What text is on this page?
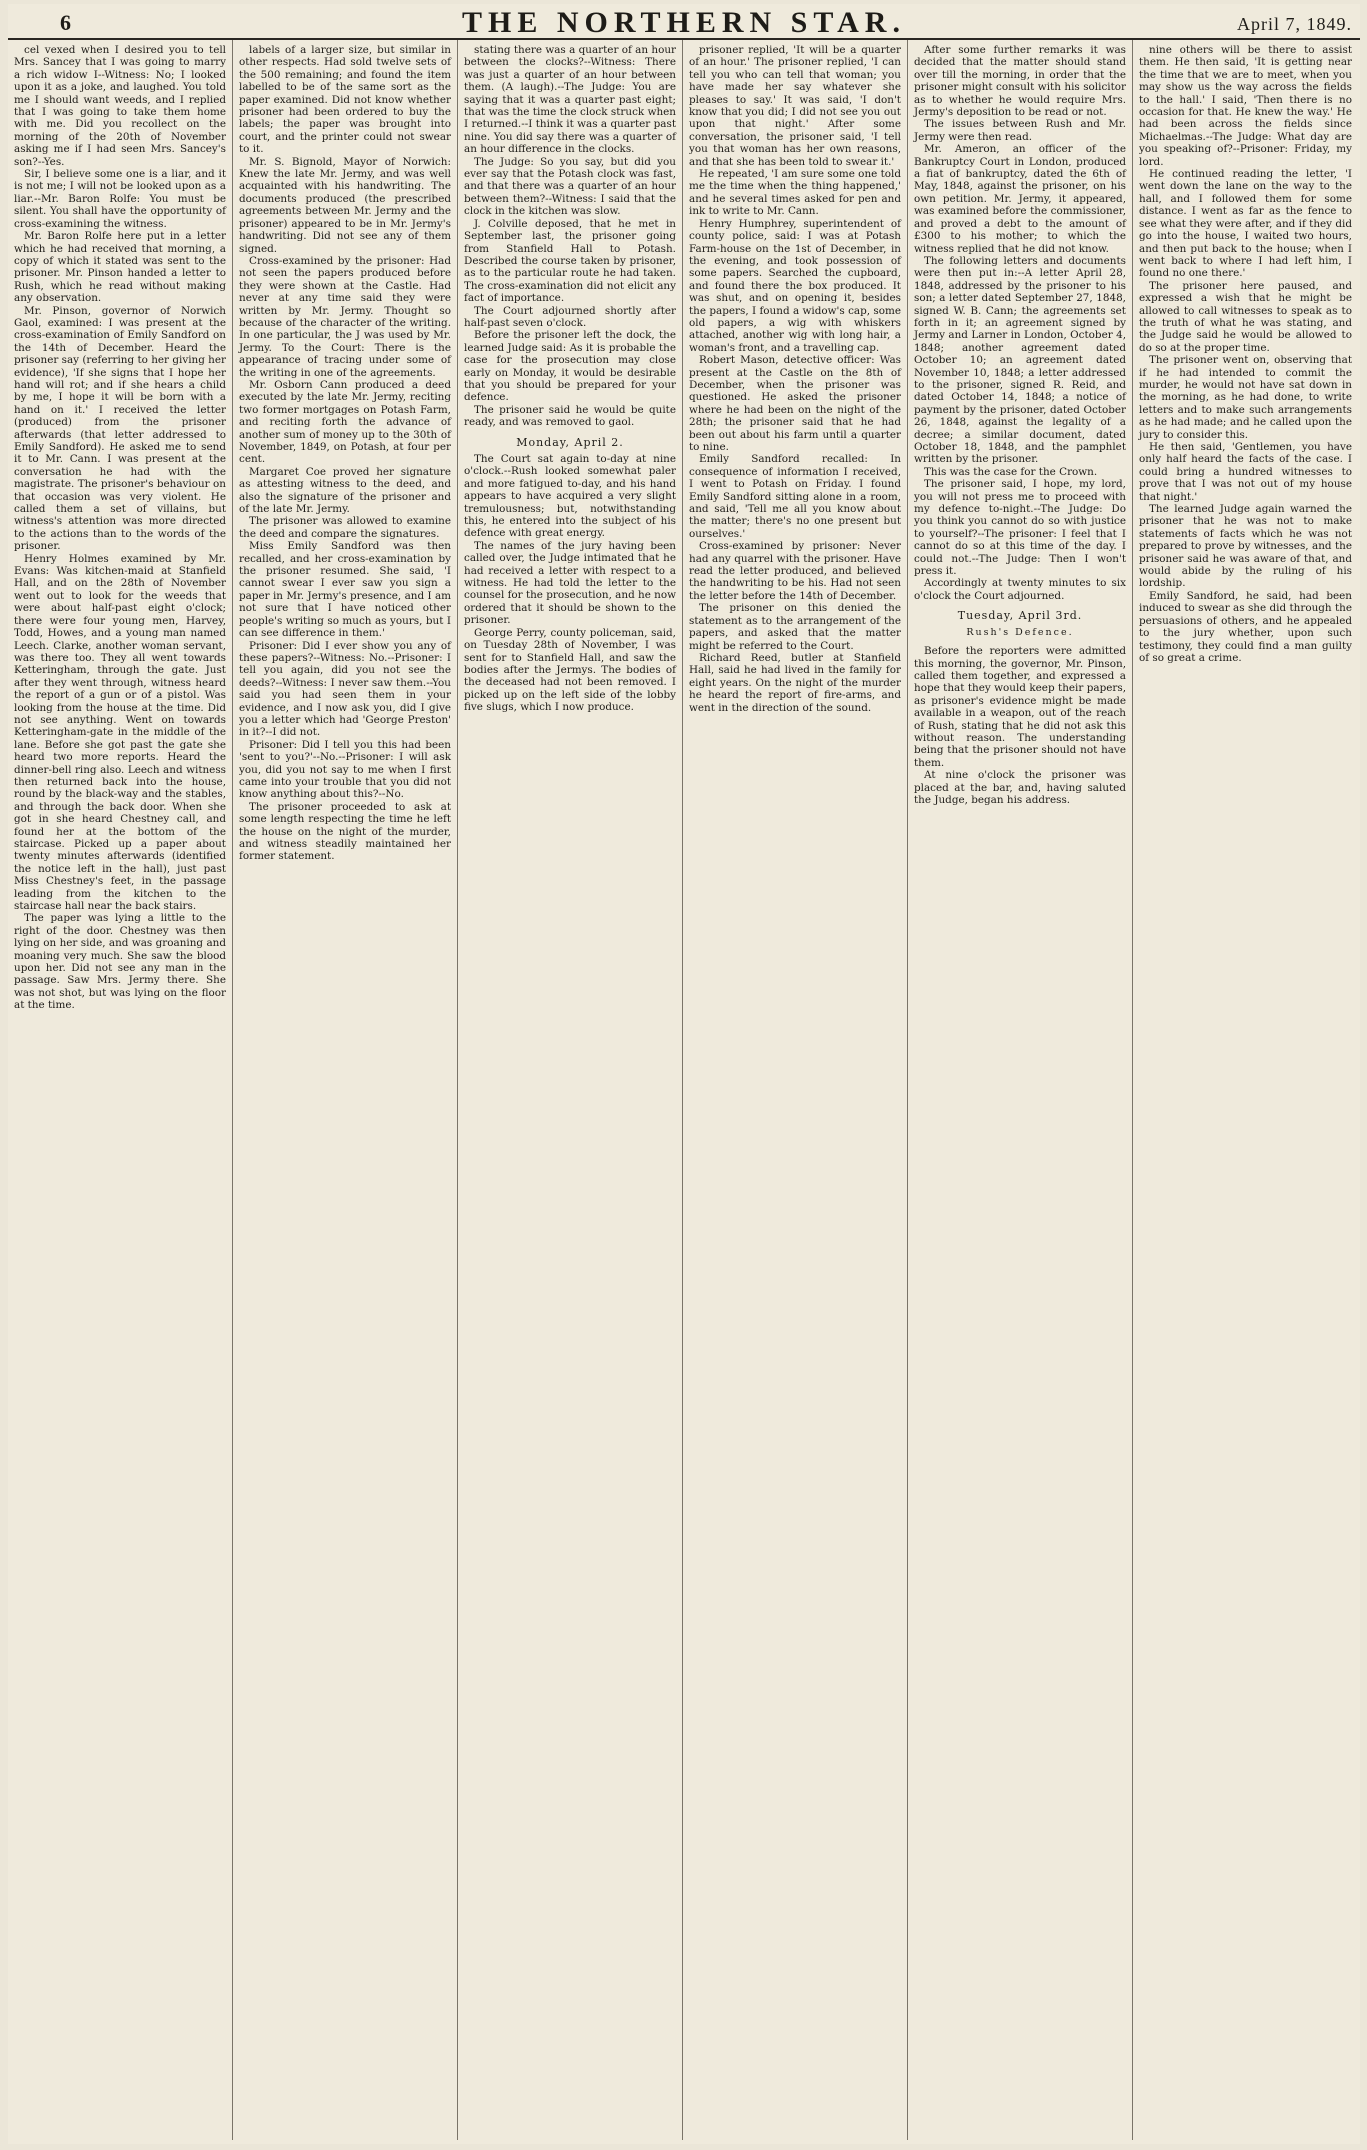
6	THE NORTHERN STAR.	April 7, 1849.

cel vexed when I desired you to tell Mrs. Sancey that I was going to marry a rich widow I--Witness: No; I looked upon it as a joke, and laughed. You told me I should want weeds, and I replied that I was going to take them home with me. Did you recollect on the morning of the 20th of November asking me if I had seen Mrs. Sancey's son?--Yes.

Sir, I believe some one is a liar, and it is not me; I will not be looked upon as a liar.--Mr. Baron Rolfe: You must be silent. You shall have the opportunity of cross-examining the witness.

Mr. Baron Rolfe here put in a letter which he had received that morning, a copy of which it stated was sent to the prisoner. Mr. Pinson handed a letter to Rush, which he read without making any observation.

Mr. Pinson, governor of Norwich Gaol, examined: I was present at the cross-examination of Emily Sandford on the 14th of December. Heard the prisoner say (referring to her giving her evidence), 'If she signs that I hope her hand will rot; and if she hears a child by me, I hope it will be born with a hand on it.' I received the letter (produced) from the prisoner afterwards (that letter addressed to Emily Sandford). He asked me to send it to Mr. Cann. I was present at the conversation he had with the magistrate. The prisoner's behaviour on that occasion was very violent. He called them a set of villains, but witness's attention was more directed to the actions than to the words of the prisoner.

Henry Holmes examined by Mr. Evans: Was kitchen-maid at Stanfield Hall, and on the 28th of November went out to look for the weeds that were about half-past eight o'clock; there were four young men, Harvey, Todd, Howes, and a young man named Leech. Clarke, another woman servant, was there too. They all went towards Ketteringham, through the gate. Just after they went through, witness heard the report of a gun or of a pistol. Was looking from the house at the time. Did not see anything. Went on towards Ketteringham-gate in the middle of the lane. Before she got past the gate she heard two more reports. Heard the dinner-bell ring also. Leech and witness then returned back into the house, round by the black-way and the stables, and through the back door. When she got in she heard Chestney call, and found her at the bottom of the staircase. Picked up a paper about twenty minutes afterwards (identified the notice left in the hall), just past Miss Chestney's feet, in the passage leading from the kitchen to the staircase hall near the back stairs.

The paper was lying a little to the right of the door. Chestney was then lying on her side, and was groaning and moaning very much. She saw the blood upon her. Did not see any man in the passage. Saw Mrs. Jermy there. She was not shot, but was lying on the floor at the time.

labels of a larger size, but similar in other respects. Had sold twelve sets of the 500 remaining; and found the item labelled to be of the same sort as the paper examined. Did not know whether prisoner had been ordered to buy the labels; the paper was brought into court, and the printer could not swear to it.

Mr. S. Bignold, Mayor of Norwich: Knew the late Mr. Jermy, and was well acquainted with his handwriting. The documents produced (the prescribed agreements between Mr. Jermy and the prisoner) appeared to be in Mr. Jermy's handwriting. Did not see any of them signed.

Cross-examined by the prisoner: Had not seen the papers produced before they were shown at the Castle. Had never at any time said they were written by Mr. Jermy. Thought so because of the character of the writing. In one particular, the J was used by Mr. Jermy. To the Court: There is the appearance of tracing under some of the writing in one of the agreements.

Mr. Osborn Cann produced a deed executed by the late Mr. Jermy, reciting two former mortgages on Potash Farm, and reciting forth the advance of another sum of money up to the 30th of November, 1849, on Potash, at four per cent.

Margaret Coe proved her signature as attesting witness to the deed, and also the signature of the prisoner and of the late Mr. Jermy.

The prisoner was allowed to examine the deed and compare the signatures.

Miss Emily Sandford was then recalled, and her cross-examination by the prisoner resumed. She said, 'I cannot swear I ever saw you sign a paper in Mr. Jermy's presence, and I am not sure that I have noticed other people's writing so much as yours, but I can see difference in them.'

Prisoner: Did I ever show you any of these papers?--Witness: No.--Prisoner: I tell you again, did you not see the deeds?--Witness: I never saw them.--You said you had seen them in your evidence, and I now ask you, did I give you a letter which had 'George Preston' in it?--I did not.

Prisoner: Did I tell you this had been 'sent to you?'--No.--Prisoner: I will ask you, did you not say to me when I first came into your trouble that you did not know anything about this?--No.

The prisoner proceeded to ask at some length respecting the time he left the house on the night of the murder, and witness steadily maintained her former statement.

stating there was a quarter of an hour between the clocks?--Witness: There was just a quarter of an hour between them. (A laugh).--The Judge: You are saying that it was a quarter past eight; that was the time the clock struck when I returned.--I think it was a quarter past nine. You did say there was a quarter of an hour difference in the clocks.

The Judge: So you say, but did you ever say that the Potash clock was fast, and that there was a quarter of an hour between them?--Witness: I said that the clock in the kitchen was slow.

J. Colville deposed, that he met in September last, the prisoner going from Stanfield Hall to Potash. Described the course taken by prisoner, as to the particular route he had taken. The cross-examination did not elicit any fact of importance.

The Court adjourned shortly after half-past seven o'clock.

Before the prisoner left the dock, the learned Judge said: As it is probable the case for the prosecution may close early on Monday, it would be desirable that you should be prepared for your defence.

The prisoner said he would be quite ready, and was removed to gaol.

Monday, April 2.

The Court sat again to-day at nine o'clock.--Rush looked somewhat paler and more fatigued to-day, and his hand appears to have acquired a very slight tremulousness; but, notwithstanding this, he entered into the subject of his defence with great energy.

The names of the jury having been called over, the Judge intimated that he had received a letter with respect to a witness. He had told the letter to the counsel for the prosecution, and he now ordered that it should be shown to the prisoner.

George Perry, county policeman, said, on Tuesday 28th of November, I was sent for to Stanfield Hall, and saw the bodies after the Jermys. The bodies of the deceased had not been removed. I picked up on the left side of the lobby five slugs, which I now produce.

prisoner replied, 'It will be a quarter of an hour.' The prisoner replied, 'I can tell you who can tell that woman; you have made her say whatever she pleases to say.' It was said, 'I don't know that you did; I did not see you out upon that night.' After some conversation, the prisoner said, 'I tell you that woman has her own reasons, and that she has been told to swear it.'

He repeated, 'I am sure some one told me the time when the thing happened,' and he several times asked for pen and ink to write to Mr. Cann.

Henry Humphrey, superintendent of county police, said: I was at Potash Farm-house on the 1st of December, in the evening, and took possession of some papers. Searched the cupboard, and found there the box produced. It was shut, and on opening it, besides the papers, I found a widow's cap, some old papers, a wig with whiskers attached, another wig with long hair, a woman's front, and a travelling cap.

Robert Mason, detective officer: Was present at the Castle on the 8th of December, when the prisoner was questioned. He asked the prisoner where he had been on the night of the 28th; the prisoner said that he had been out about his farm until a quarter to nine.

Emily Sandford recalled: In consequence of information I received, I went to Potash on Friday. I found Emily Sandford sitting alone in a room, and said, 'Tell me all you know about the matter; there's no one present but ourselves.'

Cross-examined by prisoner: Never had any quarrel with the prisoner. Have read the letter produced, and believed the handwriting to be his. Had not seen the letter before the 14th of December.

The prisoner on this denied the statement as to the arrangement of the papers, and asked that the matter might be referred to the Court.

Richard Reed, butler at Stanfield Hall, said he had lived in the family for eight years. On the night of the murder he heard the report of fire-arms, and went in the direction of the sound.

After some further remarks it was decided that the matter should stand over till the morning, in order that the prisoner might consult with his solicitor as to whether he would require Mrs. Jermy's deposition to be read or not.

The issues between Rush and Mr. Jermy were then read.

Mr. Ameron, an officer of the Bankruptcy Court in London, produced a fiat of bankruptcy, dated the 6th of May, 1848, against the prisoner, on his own petition. Mr. Jermy, it appeared, was examined before the commissioner, and proved a debt to the amount of £300 to his mother; to which the witness replied that he did not know.

The following letters and documents were then put in:--A letter April 28, 1848, addressed by the prisoner to his son; a letter dated September 27, 1848, signed W. B. Cann; the agreements set forth in it; an agreement signed by Jermy and Larner in London, October 4, 1848; another agreement dated October 10; an agreement dated November 10, 1848; a letter addressed to the prisoner, signed R. Reid, and dated October 14, 1848; a notice of payment by the prisoner, dated October 26, 1848, against the legality of a decree; a similar document, dated October 18, 1848, and the pamphlet written by the prisoner.

This was the case for the Crown.

The prisoner said, I hope, my lord, you will not press me to proceed with my defence to-night.--The Judge: Do you think you cannot do so with justice to yourself?--The prisoner: I feel that I cannot do so at this time of the day. I could not.--The Judge: Then I won't press it.

Accordingly at twenty minutes to six o'clock the Court adjourned.

Tuesday, April 3rd.
Rush's Defence.

Before the reporters were admitted this morning, the governor, Mr. Pinson, called them together, and expressed a hope that they would keep their papers, as prisoner's evidence might be made available in a weapon, out of the reach of Rush, stating that he did not ask this without reason. The understanding being that the prisoner should not have them.

At nine o'clock the prisoner was placed at the bar, and, having saluted the Judge, began his address.

nine others will be there to assist them. He then said, 'It is getting near the time that we are to meet, when you may show us the way across the fields to the hall.' I said, 'Then there is no occasion for that. He knew the way.' He had been across the fields since Michaelmas.--The Judge: What day are you speaking of?--Prisoner: Friday, my lord.

He continued reading the letter, 'I went down the lane on the way to the hall, and I followed them for some distance. I went as far as the fence to see what they were after, and if they did go into the house, I waited two hours, and then put back to the house; when I went back to where I had left him, I found no one there.'

The prisoner here paused, and expressed a wish that he might be allowed to call witnesses to speak as to the truth of what he was stating, and the Judge said he would be allowed to do so at the proper time.

The prisoner went on, observing that if he had intended to commit the murder, he would not have sat down in the morning, as he had done, to write letters and to make such arrangements as he had made; and he called upon the jury to consider this.

He then said, 'Gentlemen, you have only half heard the facts of the case. I could bring a hundred witnesses to prove that I was not out of my house that night.'

The learned Judge again warned the prisoner that he was not to make statements of facts which he was not prepared to prove by witnesses, and the prisoner said he was aware of that, and would abide by the ruling of his lordship.

Emily Sandford, he said, had been induced to swear as she did through the persuasions of others, and he appealed to the jury whether, upon such testimony, they could find a man guilty of so great a crime.
